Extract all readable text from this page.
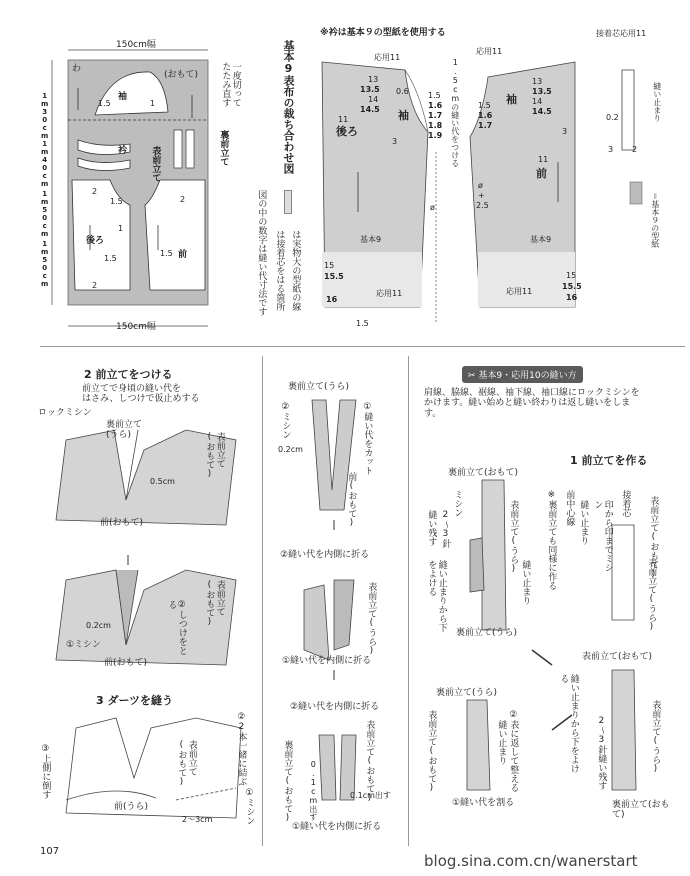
150cm幅
150cm幅
わ	一度切って
たたみ直す
袖
(おもて)
衿	表前立て	裏前立て
後ろ
前
1m30cm
1m40cm
1m50cm
1m50cm
1.5	1
2
1.5
1
2
1.5
1.5
2
基本9表布の裁ち合わせ図
は実物大の型紙の線
は接着芯をはる箇所
図の中の数字は縫い代寸法です
※衿は基本９の型紙を使用する
応用11
応用11
応用11
応用11	応用11
基本9	基本9
袖
袖
後ろ
前
1.5cmの縫い代をつける
接着芯
縫い止まり
＝基本９の型紙
13
13.5
14
14.5
11
13
13.5
14
14.5
11
0.6 1.5
1.6
1.7
1.8
1.9
1.5
1.6
1.7
15
15.5
16
15
15.5
16
1.5
3
3
3 2
0.2
ø
+
2.5
ø
2 前立てをつける
前立てで身頃の縫い代を
はさみ、しつけで仮止めする
ロックミシン
裏前立て
(うら)	表前立て
(おもて)
0.5cm
前(おもて)
0.2cm
①ミシン	②しつけをとる	表前立て
(おもて)
前(おもて)
3 ダーツを縫う
②2本一緒に結ぶ
③上側に倒す	表前立て
(おもて)
前(うら)
2〜3cm	①ミシン
裏前立て(うら)
②ミシン	①縫い代をカット
0.2cm
前(おもて)
②縫い代を内側に折る
表前立て(うら)
①縫い代を内側に折る
②縫い代を内側に折る
表前立て(おもて)
0.1cm出す	0.1cm出す
①縫い代を内側に折る
裏前立て(おもて)
✂ 基本9・応用10の縫い方
肩線、脇線、裾線、袖下線、袖口線にロックミシンをかけます。縫い始めと縫い終わりは返し縫いをします。
1 前立てを作る
裏前立て(おもて)
ミシン
縫い残す 2〜3針
縫い止まりから下をよける
表前立て(うら)
裏前立て(うら)
縫い止まり ※裏前立ても同様に作る 前中心線 縫い止まり	印から印までミシン	接着芯 表前立て(おもて)
表前立て(うら)
表前立て(おもて)
縫い止まりから下をよける
2〜3針縫い残す	表前立て(うら)
裏前立て(おもて)
裏前立て(うら)
②表に返して整える
縫い止まり
①縫い代を割る
表前立て(おもて)
107
blog.sina.com.cn/wanerstart
